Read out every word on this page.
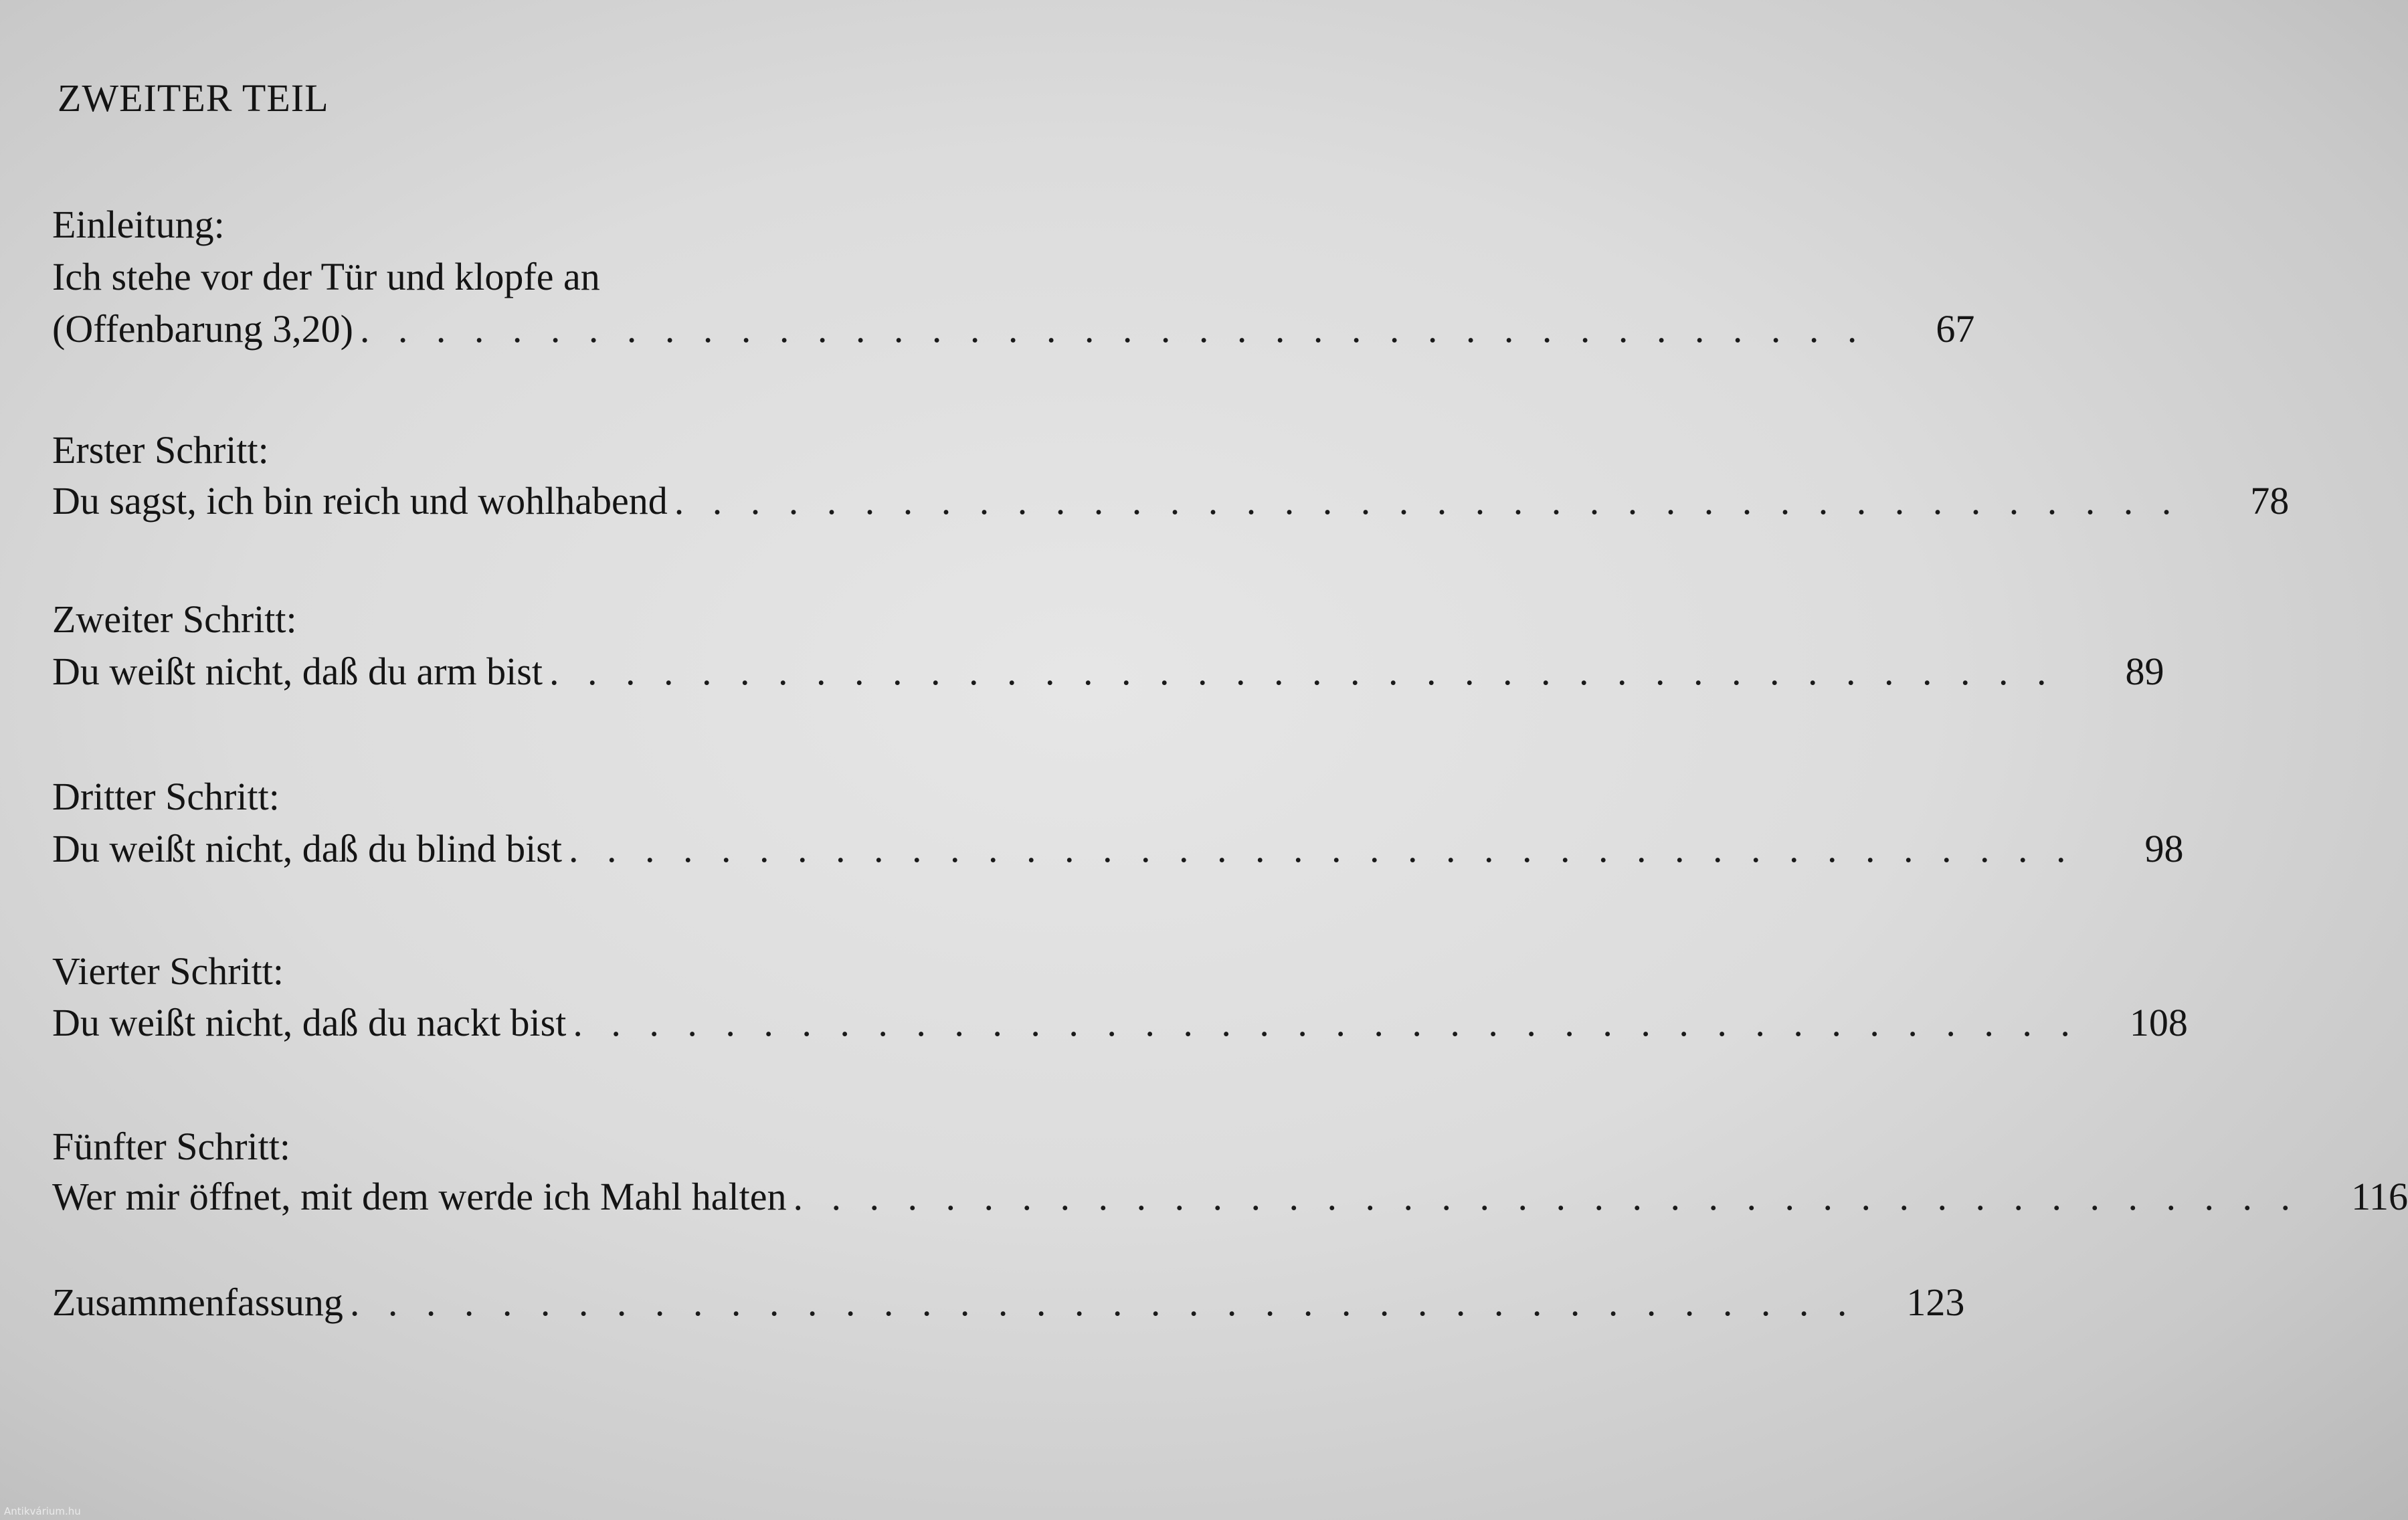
ZWEITER TEIL
Einleitung:
Ich stehe vor der Tür und klopfe an
(Offenbarung 3,20) . . . . . . . . . . . . . . . . . . . . . . . . . . . . . . . . . . . . . . . .	67
Erster Schritt:
Du sagst, ich bin reich und wohlhabend . . . . . . . . . . . . . . . . . . . . . . . . . . . . . . . . . . . . . . . .	78
Zweiter Schritt:
Du weißt nicht, daß du arm bist . . . . . . . . . . . . . . . . . . . . . . . . . . . . . . . . . . . . . . . .	89
Dritter Schritt:
Du weißt nicht, daß du blind bist . . . . . . . . . . . . . . . . . . . . . . . . . . . . . . . . . . . . . . . .	98
Vierter Schritt:
Du weißt nicht, daß du nackt bist . . . . . . . . . . . . . . . . . . . . . . . . . . . . . . . . . . . . . . . . 108
Fünfter Schritt:
Wer mir öffnet, mit dem werde ich Mahl halten . . . . . . . . . . . . . . . . . . . . . . . . . . . . . . . . . . . . . . . . 116
Zusammenfassung . . . . . . . . . . . . . . . . . . . . . . . . . . . . . . . . . . . . . . . . 123
Antikvárium.hu
